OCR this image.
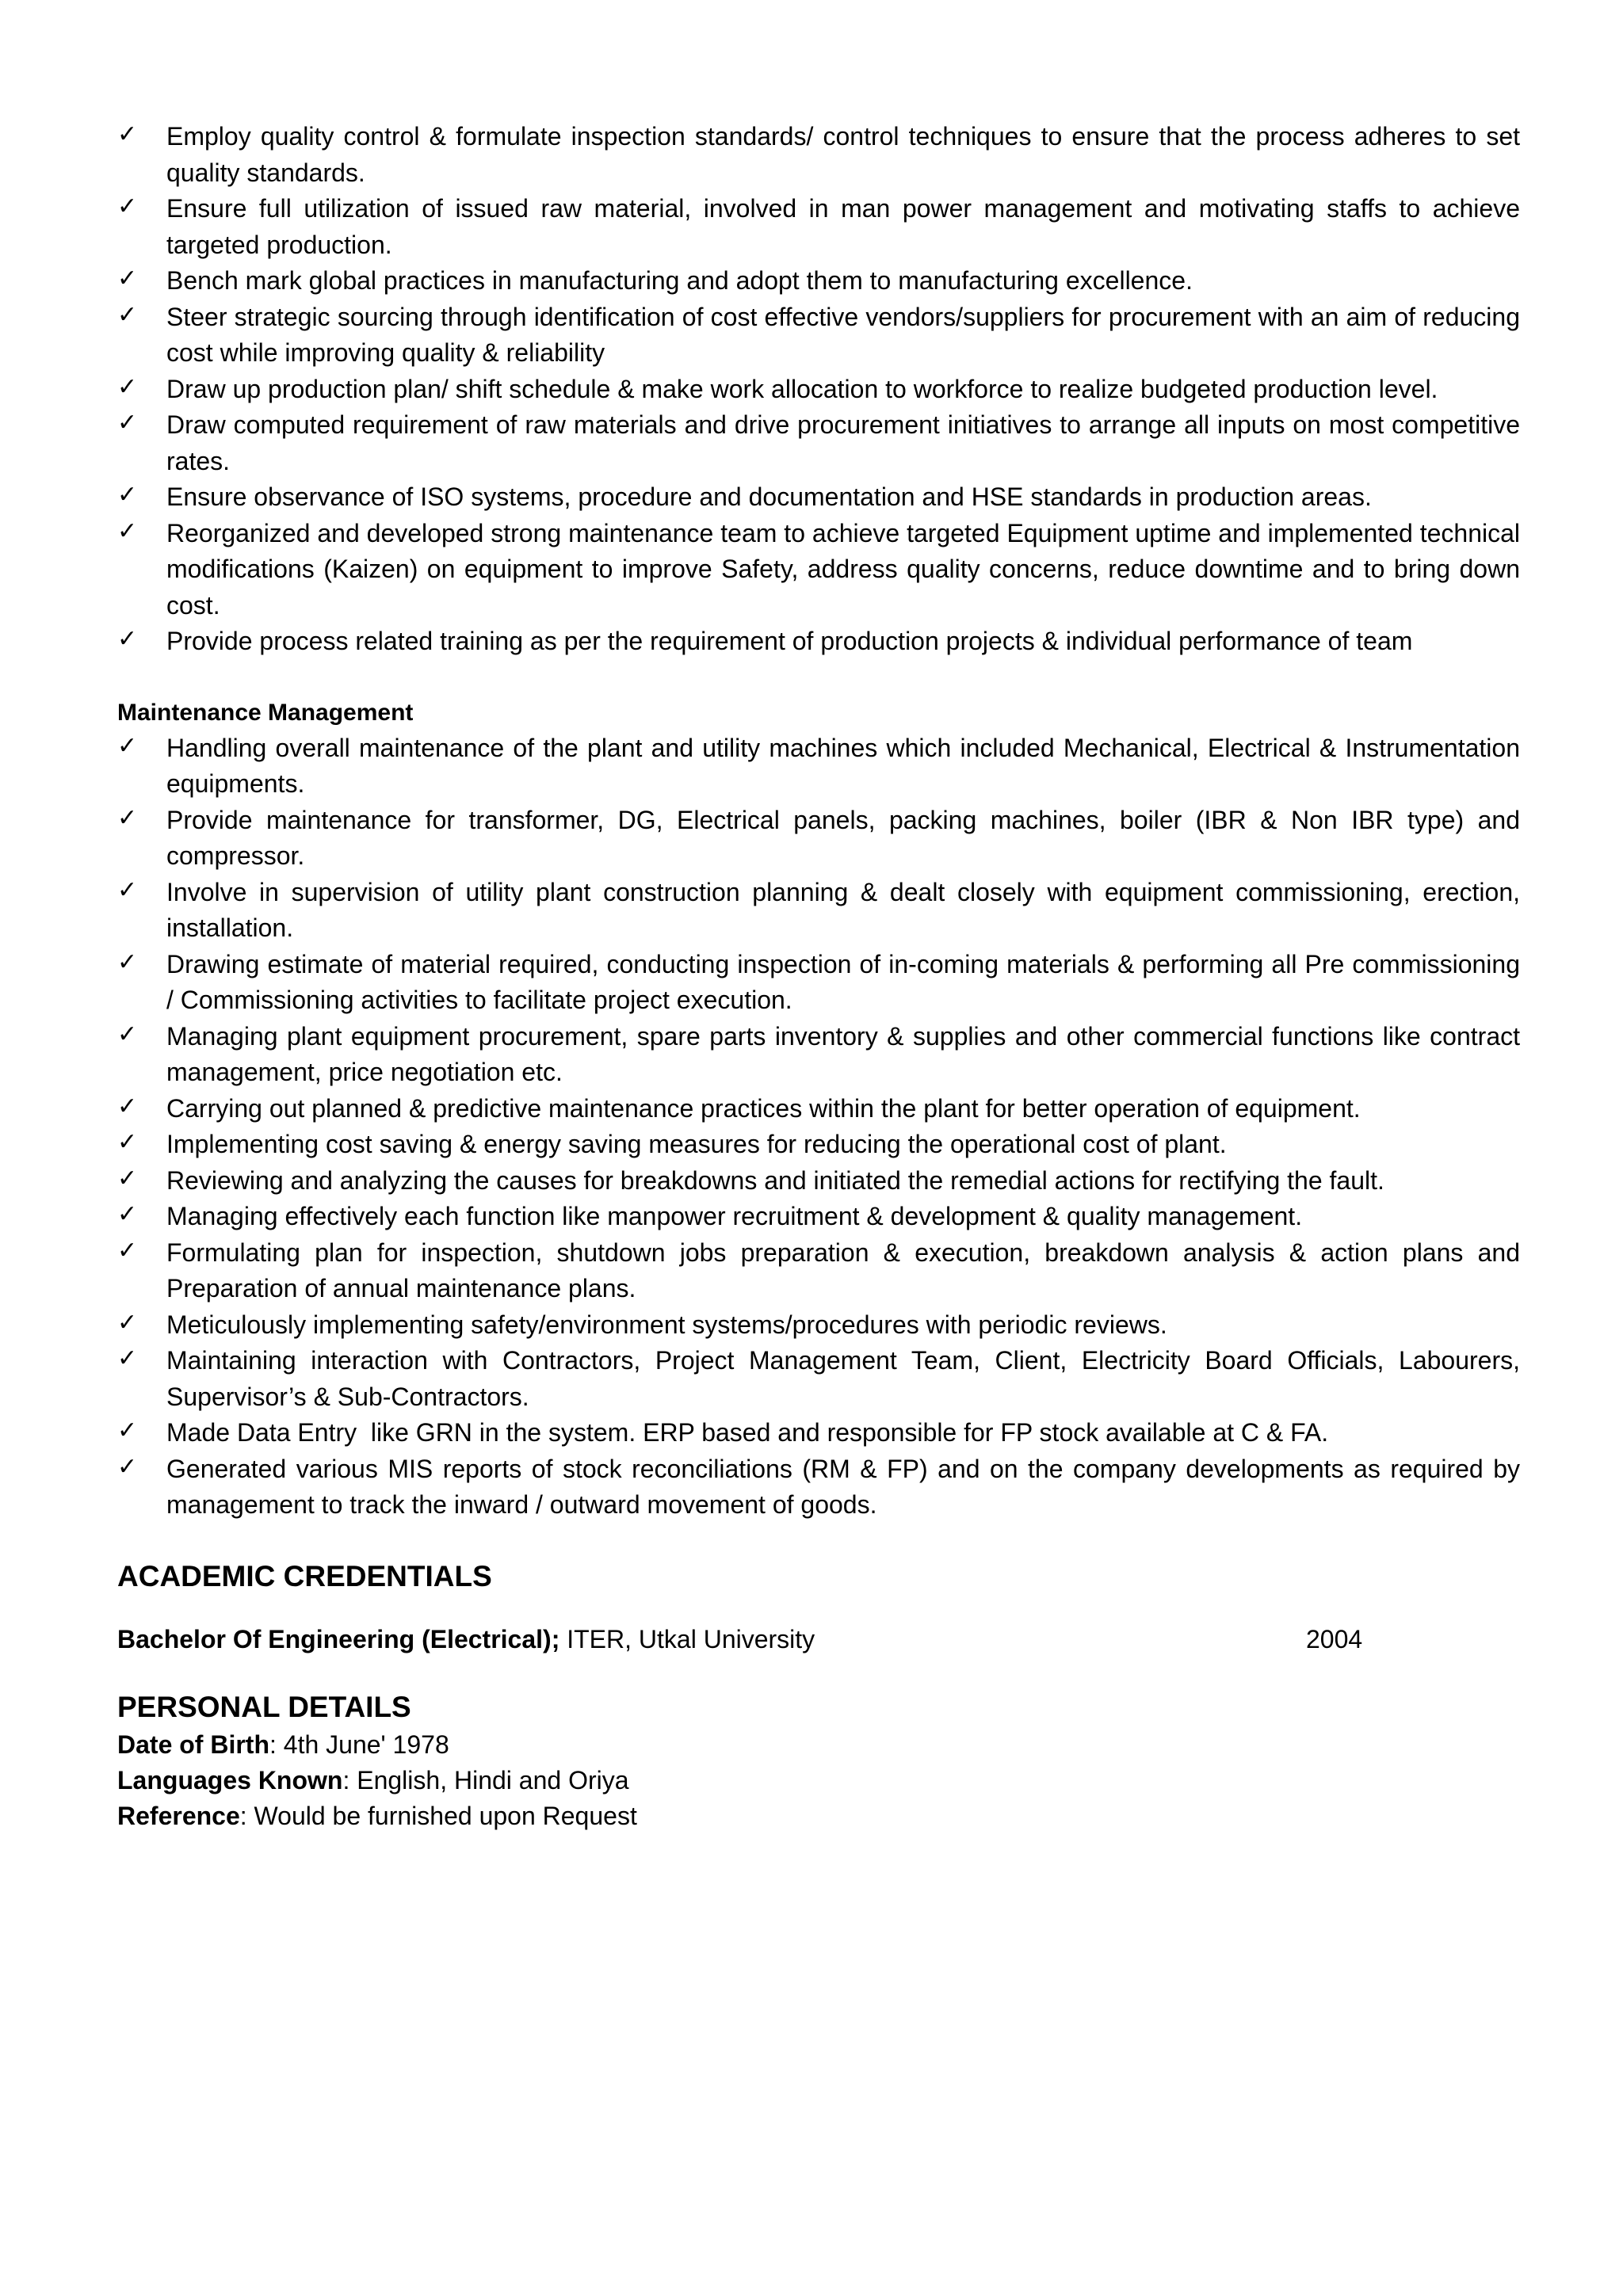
✓	Employ quality control & formulate inspection standards/ control techniques to ensure that the process adheres to set quality standards.
✓	Ensure full utilization of issued raw material, involved in man power management and motivating staffs to achieve targeted production.
✓	Bench mark global practices in manufacturing and adopt them to manufacturing excellence.
✓	Steer strategic sourcing through identification of cost effective vendors/suppliers for procurement with an aim of reducing cost while improving quality & reliability
✓	Draw up production plan/ shift schedule & make work allocation to workforce to realize budgeted production level.
✓	Draw computed requirement of raw materials and drive procurement initiatives to arrange all inputs on most competitive rates.
✓	Ensure observance of ISO systems, procedure and documentation and HSE standards in production areas.
✓	Reorganized and developed strong maintenance team to achieve targeted Equipment uptime and implemented technical modifications (Kaizen) on equipment to improve Safety, address quality concerns, reduce downtime and to bring down cost.
✓	Provide process related training as per the requirement of production projects & individual performance of team
Maintenance Management
✓	Handling overall maintenance of the plant and utility machines which included Mechanical, Electrical & Instrumentation equipments.
✓	Provide maintenance for transformer, DG, Electrical panels, packing machines, boiler (IBR & Non IBR type) and compressor.
✓	Involve in supervision of utility plant construction planning & dealt closely with equipment commissioning, erection, installation.
✓	Drawing estimate of material required, conducting inspection of in-coming materials & performing all Pre commissioning / Commissioning activities to facilitate project execution.
✓	Managing plant equipment procurement, spare parts inventory & supplies and other commercial functions like contract management, price negotiation etc.
✓	Carrying out planned & predictive maintenance practices within the plant for better operation of equipment.
✓	Implementing cost saving & energy saving measures for reducing the operational cost of plant.
✓	Reviewing and analyzing the causes for breakdowns and initiated the remedial actions for rectifying the fault.
✓	Managing effectively each function like manpower recruitment & development & quality management.
✓	Formulating plan for inspection, shutdown jobs preparation & execution, breakdown analysis & action plans and Preparation of annual maintenance plans.
✓	Meticulously implementing safety/environment systems/procedures with periodic reviews.
✓	Maintaining interaction with Contractors, Project Management Team, Client, Electricity Board Officials, Labourers, Supervisor’s & Sub-Contractors.
✓	Made Data Entry  like GRN in the system. ERP based and responsible for FP stock available at C & FA.
✓	Generated various MIS reports of stock reconciliations (RM & FP) and on the company developments as required by management to track the inward / outward movement of goods.
ACADEMIC CREDENTIALS
Bachelor Of Engineering (Electrical); ITER, Utkal University	2004
PERSONAL DETAILS
Date of Birth: 4th June' 1978
Languages Known: English, Hindi and Oriya
Reference: Would be furnished upon Request
